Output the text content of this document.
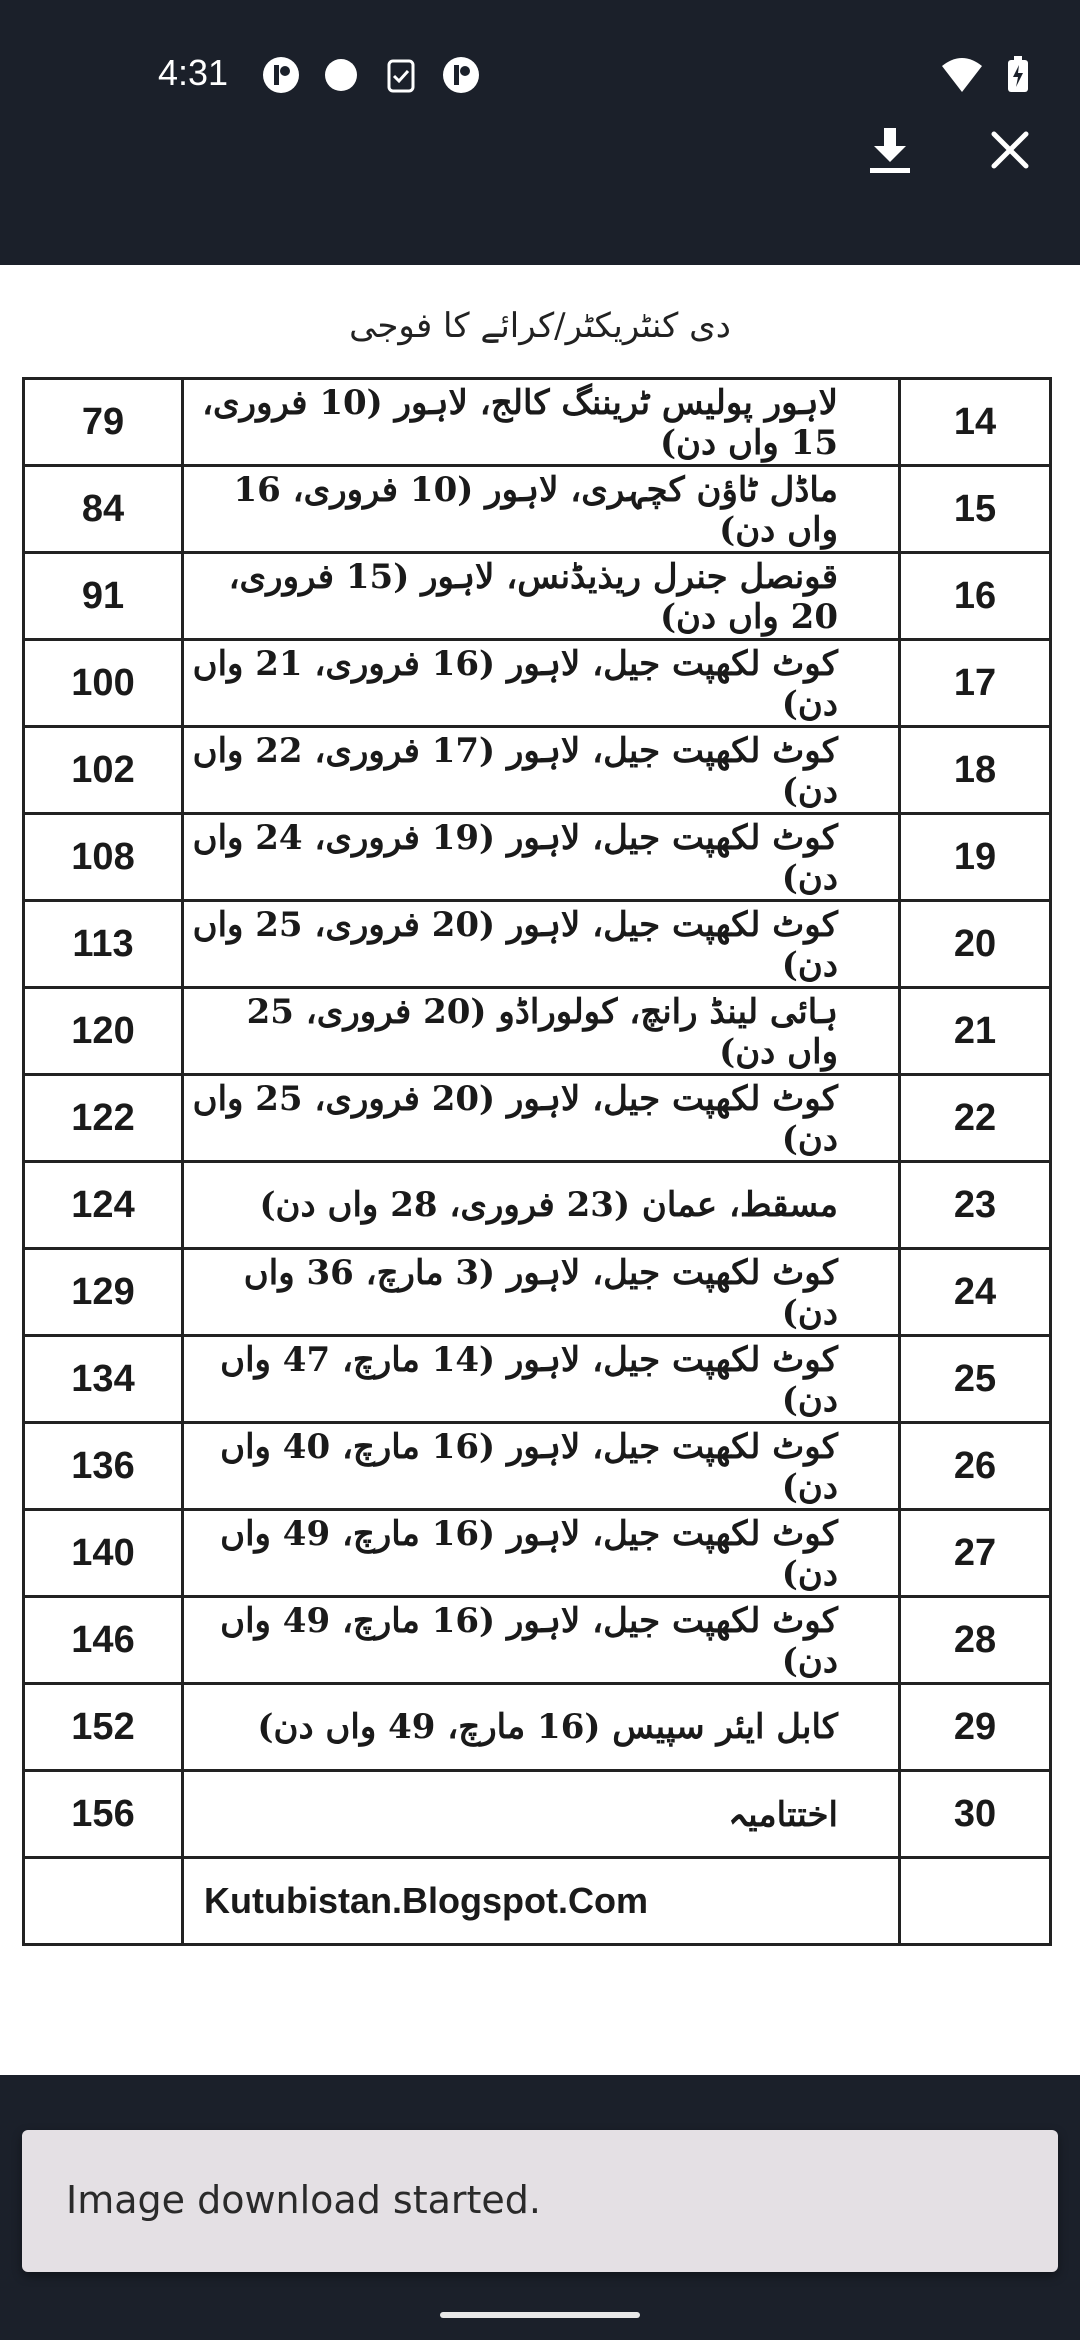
4:31
دی کنٹریکٹر/کرائے کا فوجی
79	لاہور پولیس ٹریننگ کالج، لاہور (10 فروری، 15 واں دن)	14
84	ماڈل ٹاؤن کچہری، لاہور (10 فروری، 16 واں دن)	15
91	قونصل جنرل ریذیڈنس، لاہور (15 فروری، 20 واں دن)	16
100	کوٹ لکھپت جیل، لاہور (16 فروری، 21 واں دن)	17
102	کوٹ لکھپت جیل، لاہور (17 فروری، 22 واں دن)	18
108	کوٹ لکھپت جیل، لاہور (19 فروری، 24 واں دن)	19
113	کوٹ لکھپت جیل، لاہور (20 فروری، 25 واں دن)	20
120	ہائی لینڈ رانچ، کولوراڈو (20 فروری، 25 واں دن)	21
122	کوٹ لکھپت جیل، لاہور (20 فروری، 25 واں دن)	22
124	مسقط، عمان (23 فروری، 28 واں دن)	23
129	کوٹ لکھپت جیل، لاہور (3 مارچ، 36 واں دن)	24
134	کوٹ لکھپت جیل، لاہور (14 مارچ، 47 واں دن)	25
136	کوٹ لکھپت جیل، لاہور (16 مارچ، 40 واں دن)	26
140	کوٹ لکھپت جیل، لاہور (16 مارچ، 49 واں دن)	27
146	کوٹ لکھپت جیل، لاہور (16 مارچ، 49 واں دن)	28
152	کابل ایئر سپیس (16 مارچ، 49 واں دن)	29
156	اختتامیہ	30
	Kutubistan.Blogspot.Com	
Image download started.
